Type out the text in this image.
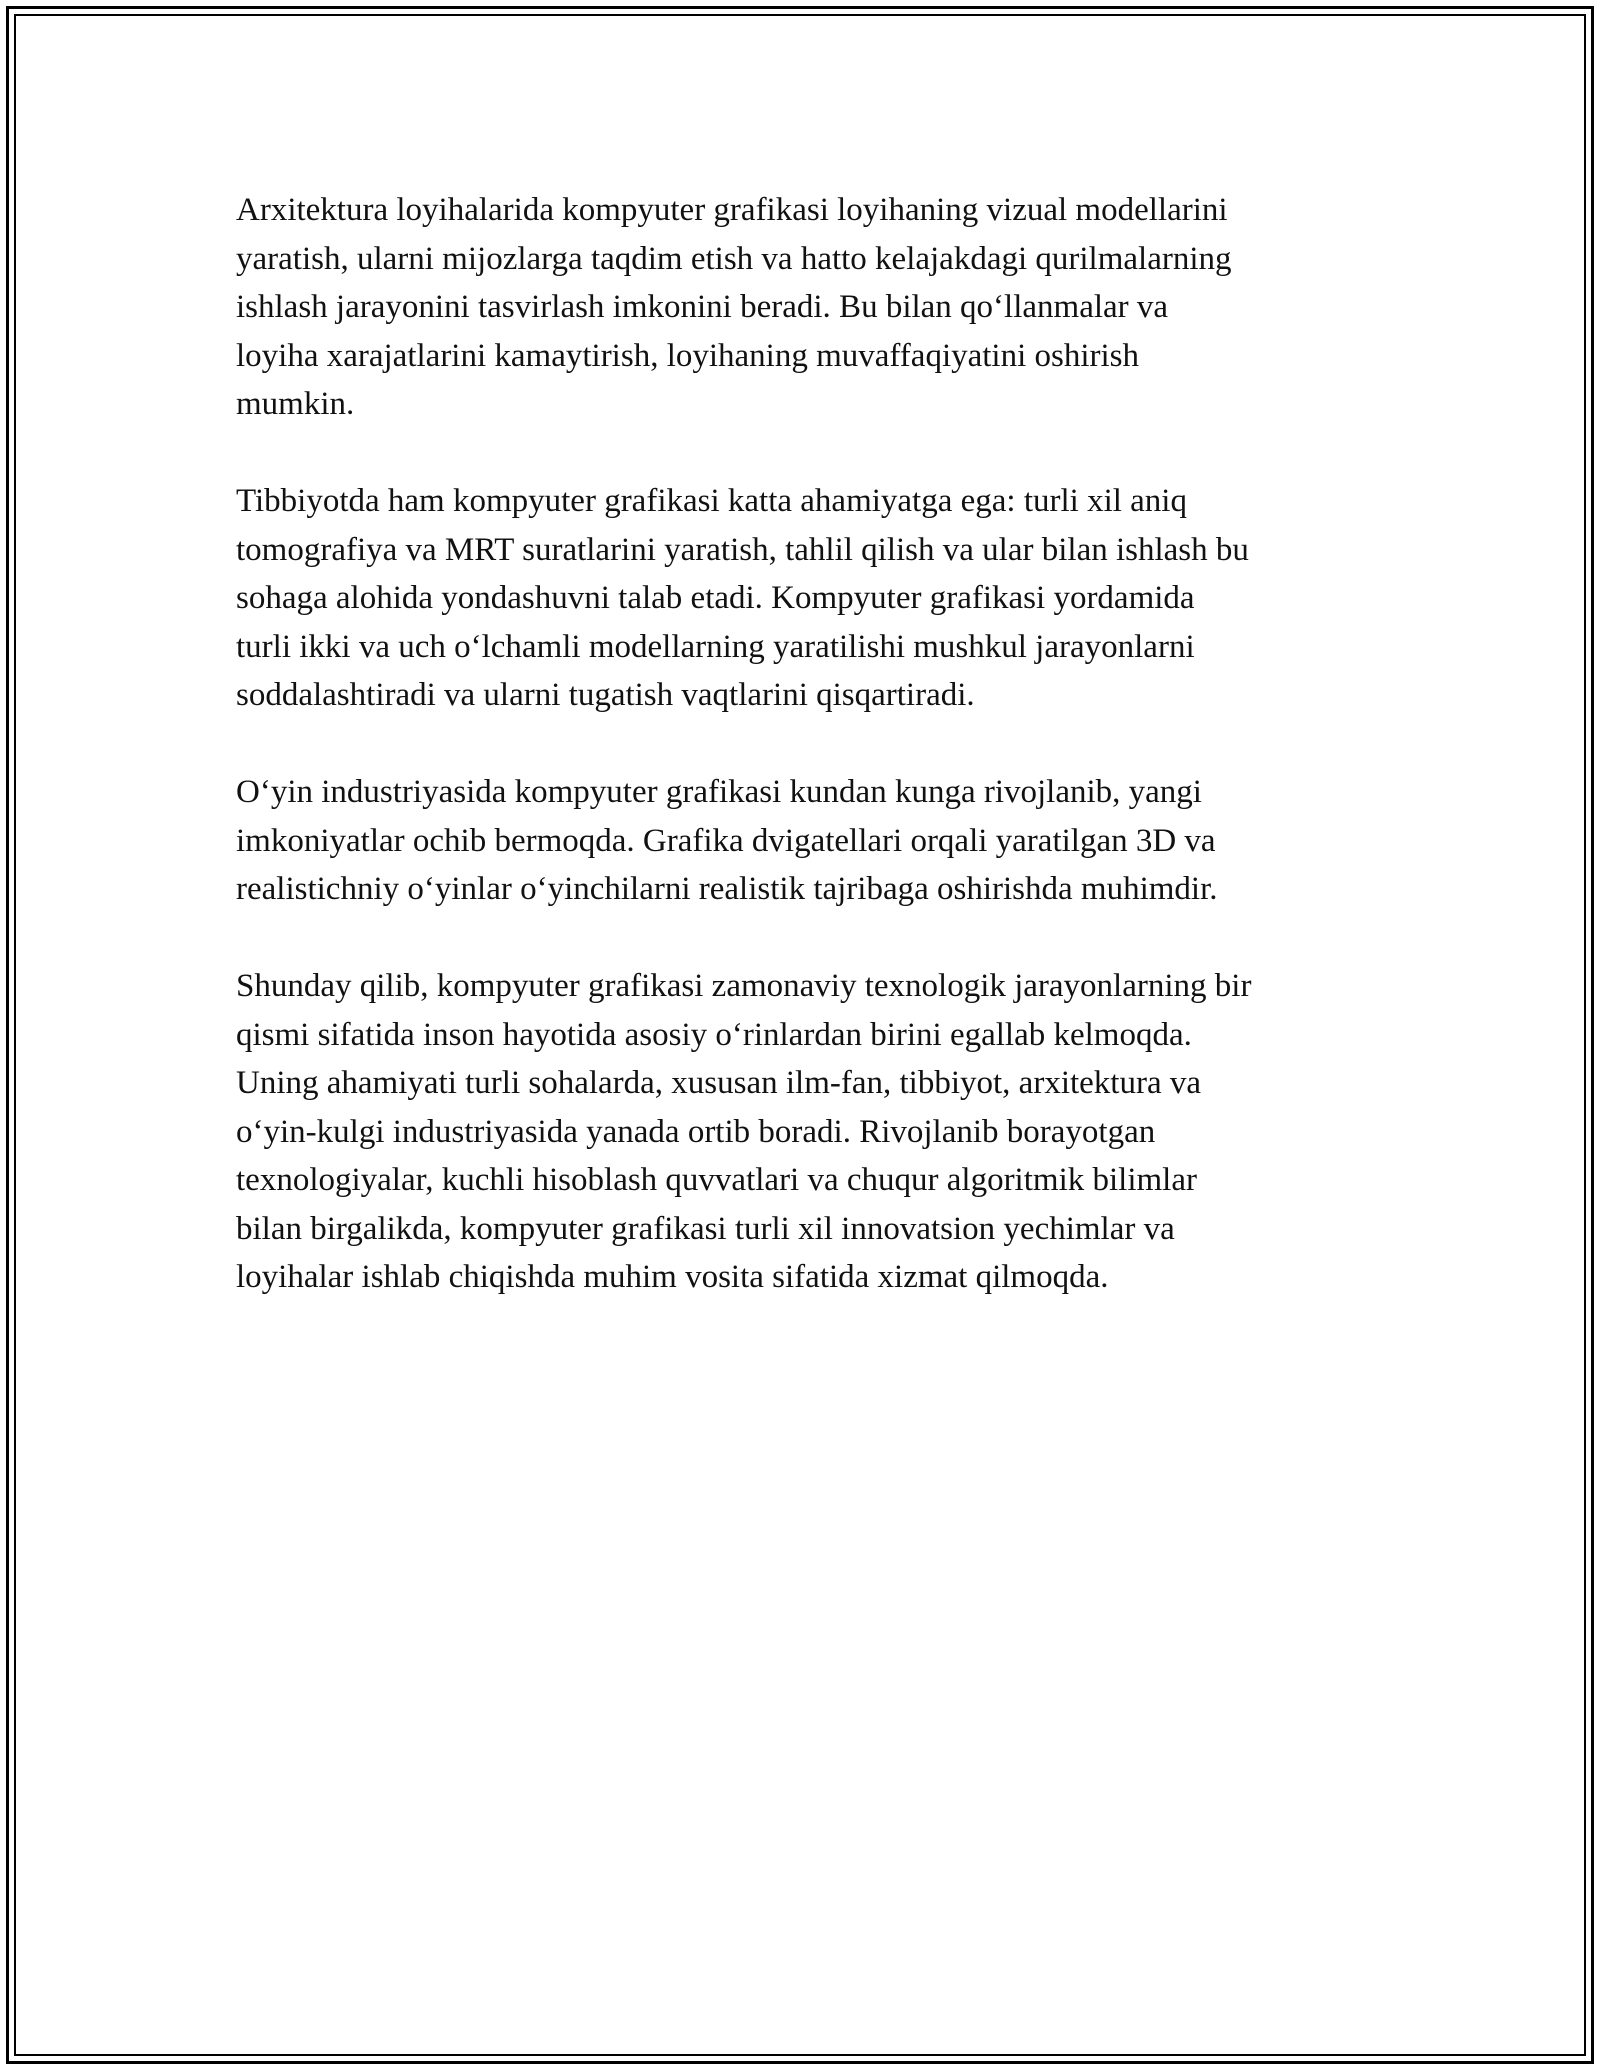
Arxitektura loyihalarida kompyuter grafikasi loyihaning vizual modellarini
yaratish, ularni mijozlarga taqdim etish va hatto kelajakdagi qurilmalarning
ishlash jarayonini tasvirlash imkonini beradi. Bu bilan qo‘llanmalar va
loyiha xarajatlarini kamaytirish, loyihaning muvaffaqiyatini oshirish
mumkin.

Tibbiyotda ham kompyuter grafikasi katta ahamiyatga ega: turli xil aniq
tomografiya va MRT suratlarini yaratish, tahlil qilish va ular bilan ishlash bu
sohaga alohida yondashuvni talab etadi. Kompyuter grafikasi yordamida
turli ikki va uch o‘lchamli modellarning yaratilishi mushkul jarayonlarni
soddalashtiradi va ularni tugatish vaqtlarini qisqartiradi.

O‘yin industriyasida kompyuter grafikasi kundan kunga rivojlanib, yangi
imkoniyatlar ochib bermoqda. Grafika dvigatellari orqali yaratilgan 3D va
realistichniy o‘yinlar o‘yinchilarni realistik tajribaga oshirishda muhimdir.

Shunday qilib, kompyuter grafikasi zamonaviy texnologik jarayonlarning bir
qismi sifatida inson hayotida asosiy o‘rinlardan birini egallab kelmoqda.
Uning ahamiyati turli sohalarda, xususan ilm-fan, tibbiyot, arxitektura va
o‘yin-kulgi industriyasida yanada ortib boradi. Rivojlanib borayotgan
texnologiyalar, kuchli hisoblash quvvatlari va chuqur algoritmik bilimlar
bilan birgalikda, kompyuter grafikasi turli xil innovatsion yechimlar va
loyihalar ishlab chiqishda muhim vosita sifatida xizmat qilmoqda.
